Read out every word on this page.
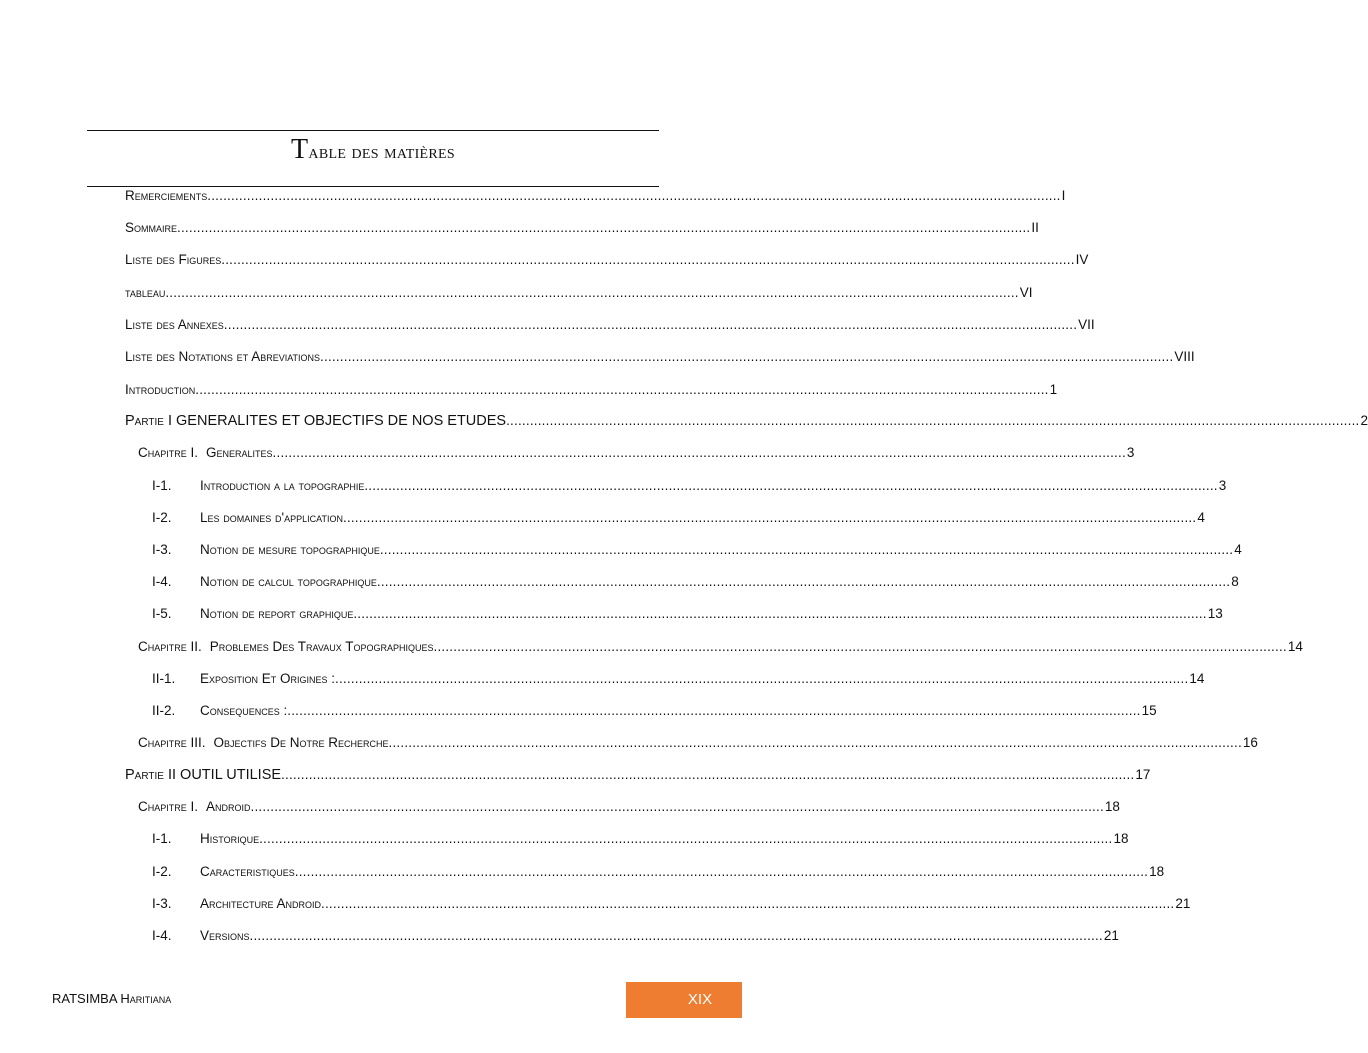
Table des matières
Remerciements .....	I
Sommaire .....	II
Liste des Figures .....	IV
tableau .....	VI
Liste des Annexes .....	VII
Liste des Notations et Abreviations .....	VIII
Introduction .....	1
Partie I GENERALITES ET OBJECTIFS DE NOS ETUDES .....	2
Chapitre I. Generalites .....	3
I-1.	Introduction a la topographie .....	3
I-2.	Les domaines d'application .....	4
I-3.	Notion de mesure topographique .....	4
I-4.	Notion de calcul topographique .....	8
I-5.	Notion de report graphique .....	13
Chapitre II. Problemes Des Travaux Topographiques .....	14
II-1.	Exposition Et Origines : .....	14
II-2.	Consequences : .....	15
Chapitre III. Objectifs De Notre Recherche .....	16
Partie II OUTIL UTILISE .....	17
Chapitre I. Android .....	18
I-1.	Historique .....	18
I-2.	Caracteristiques .....	18
I-3.	Architecture Android .....	21
I-4.	Versions .....	21
RATSIMBA Haritiana	XIX
